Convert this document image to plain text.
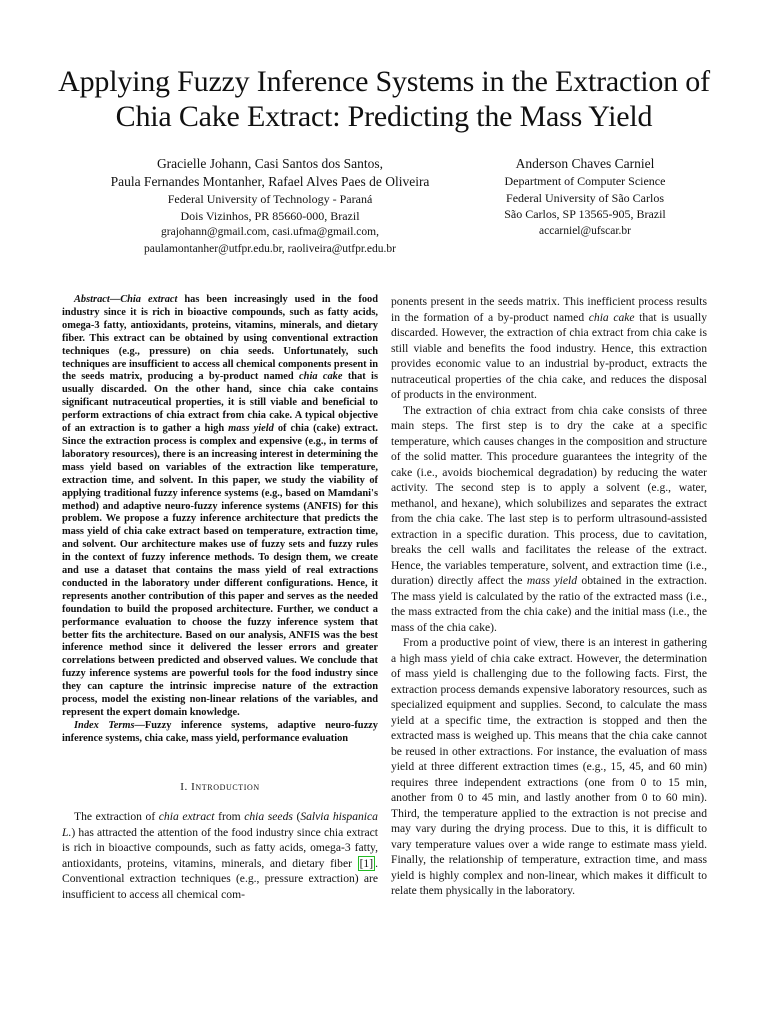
Applying Fuzzy Inference Systems in the Extraction of Chia Cake Extract: Predicting the Mass Yield
Gracielle Johann, Casi Santos dos Santos,
Paula Fernandes Montanher, Rafael Alves Paes de Oliveira
Federal University of Technology - Paraná
Dois Vizinhos, PR 85660-000, Brazil
grajohann@gmail.com, casi.ufma@gmail.com,
paulamontanher@utfpr.edu.br, raoliveira@utfpr.edu.br
Anderson Chaves Carniel
Department of Computer Science
Federal University of São Carlos
São Carlos, SP 13565-905, Brazil
accarniel@ufscar.br

Abstract—Chia extract has been increasingly used in the food industry since it is rich in bioactive compounds, such as fatty acids, omega-3 fatty, antioxidants, proteins, vitamins, minerals, and dietary fiber. This extract can be obtained by using conventional extraction techniques (e.g., pressure) on chia seeds. Unfortunately, such techniques are insufficient to access all chemical components present in the seeds matrix, producing a by-product named chia cake that is usually discarded. On the other hand, since chia cake contains significant nutraceutical properties, it is still viable and beneficial to perform extractions of chia extract from chia cake. A typical objective of an extraction is to gather a high mass yield of chia (cake) extract. Since the extraction process is complex and expensive (e.g., in terms of laboratory resources), there is an increasing interest in determining the mass yield based on variables of the extraction like temperature, extraction time, and solvent. In this paper, we study the viability of applying traditional fuzzy inference systems (e.g., based on Mamdani's method) and adaptive neuro-fuzzy inference systems (ANFIS) for this problem. We propose a fuzzy inference architecture that predicts the mass yield of chia cake extract based on temperature, extraction time, and solvent. Our architecture makes use of fuzzy sets and fuzzy rules in the context of fuzzy inference methods. To design them, we create and use a dataset that contains the mass yield of real extractions conducted in the laboratory under different configurations. Hence, it represents another contribution of this paper and serves as the needed foundation to build the proposed architecture. Further, we conduct a performance evaluation to choose the fuzzy inference system that better fits the architecture. Based on our analysis, ANFIS was the best inference method since it delivered the lesser errors and greater correlations between predicted and observed values. We conclude that fuzzy inference systems are powerful tools for the food industry since they can capture the intrinsic imprecise nature of the extraction process, model the existing non-linear relations of the variables, and represent the expert domain knowledge.

Index Terms—Fuzzy inference systems, adaptive neuro-fuzzy inference systems, chia cake, mass yield, performance evaluation

I. Introduction

The extraction of chia extract from chia seeds (Salvia hispanica L.) has attracted the attention of the food industry since chia extract is rich in bioactive compounds, such as fatty acids, omega-3 fatty, antioxidants, proteins, vitamins, minerals, and dietary fiber [1] . Conventional extraction techniques (e.g., pressure extraction) are insufficient to access all chemical com-

ponents present in the seeds matrix. This inefficient process results in the formation of a by-product named chia cake that is usually discarded. However, the extraction of chia extract from chia cake is still viable and benefits the food industry. Hence, this extraction provides economic value to an industrial by-product, extracts the nutraceutical properties of the chia cake, and reduces the disposal of products in the environment.

The extraction of chia extract from chia cake consists of three main steps. The first step is to dry the cake at a specific temperature, which causes changes in the composition and structure of the solid matter. This procedure guarantees the integrity of the cake (i.e., avoids biochemical degradation) by reducing the water activity. The second step is to apply a solvent (e.g., water, methanol, and hexane), which solubilizes and separates the extract from the chia cake. The last step is to perform ultrasound-assisted extraction in a specific duration. This process, due to cavitation, breaks the cell walls and facilitates the release of the extract. Hence, the variables temperature, solvent, and extraction time (i.e., duration) directly affect the mass yield obtained in the extraction. The mass yield is calculated by the ratio of the extracted mass (i.e., the mass extracted from the chia cake) and the initial mass (i.e., the mass of the chia cake).

From a productive point of view, there is an interest in gathering a high mass yield of chia cake extract. However, the determination of mass yield is challenging due to the following facts. First, the extraction process demands expensive laboratory resources, such as specialized equipment and supplies. Second, to calculate the mass yield at a specific time, the extraction is stopped and then the extracted mass is weighed up. This means that the chia cake cannot be reused in other extractions. For instance, the evaluation of mass yield at three different extraction times (e.g., 15, 45, and 60 min) requires three independent extractions (one from 0 to 15 min, another from 0 to 45 min, and lastly another from 0 to 60 min). Third, the temperature applied to the extraction is not precise and may vary during the drying process. Due to this, it is difficult to vary temperature values over a wide range to estimate mass yield. Finally, the relationship of temperature, extraction time, and mass yield is highly complex and non-linear, which makes it difficult to relate them physically in the laboratory.
